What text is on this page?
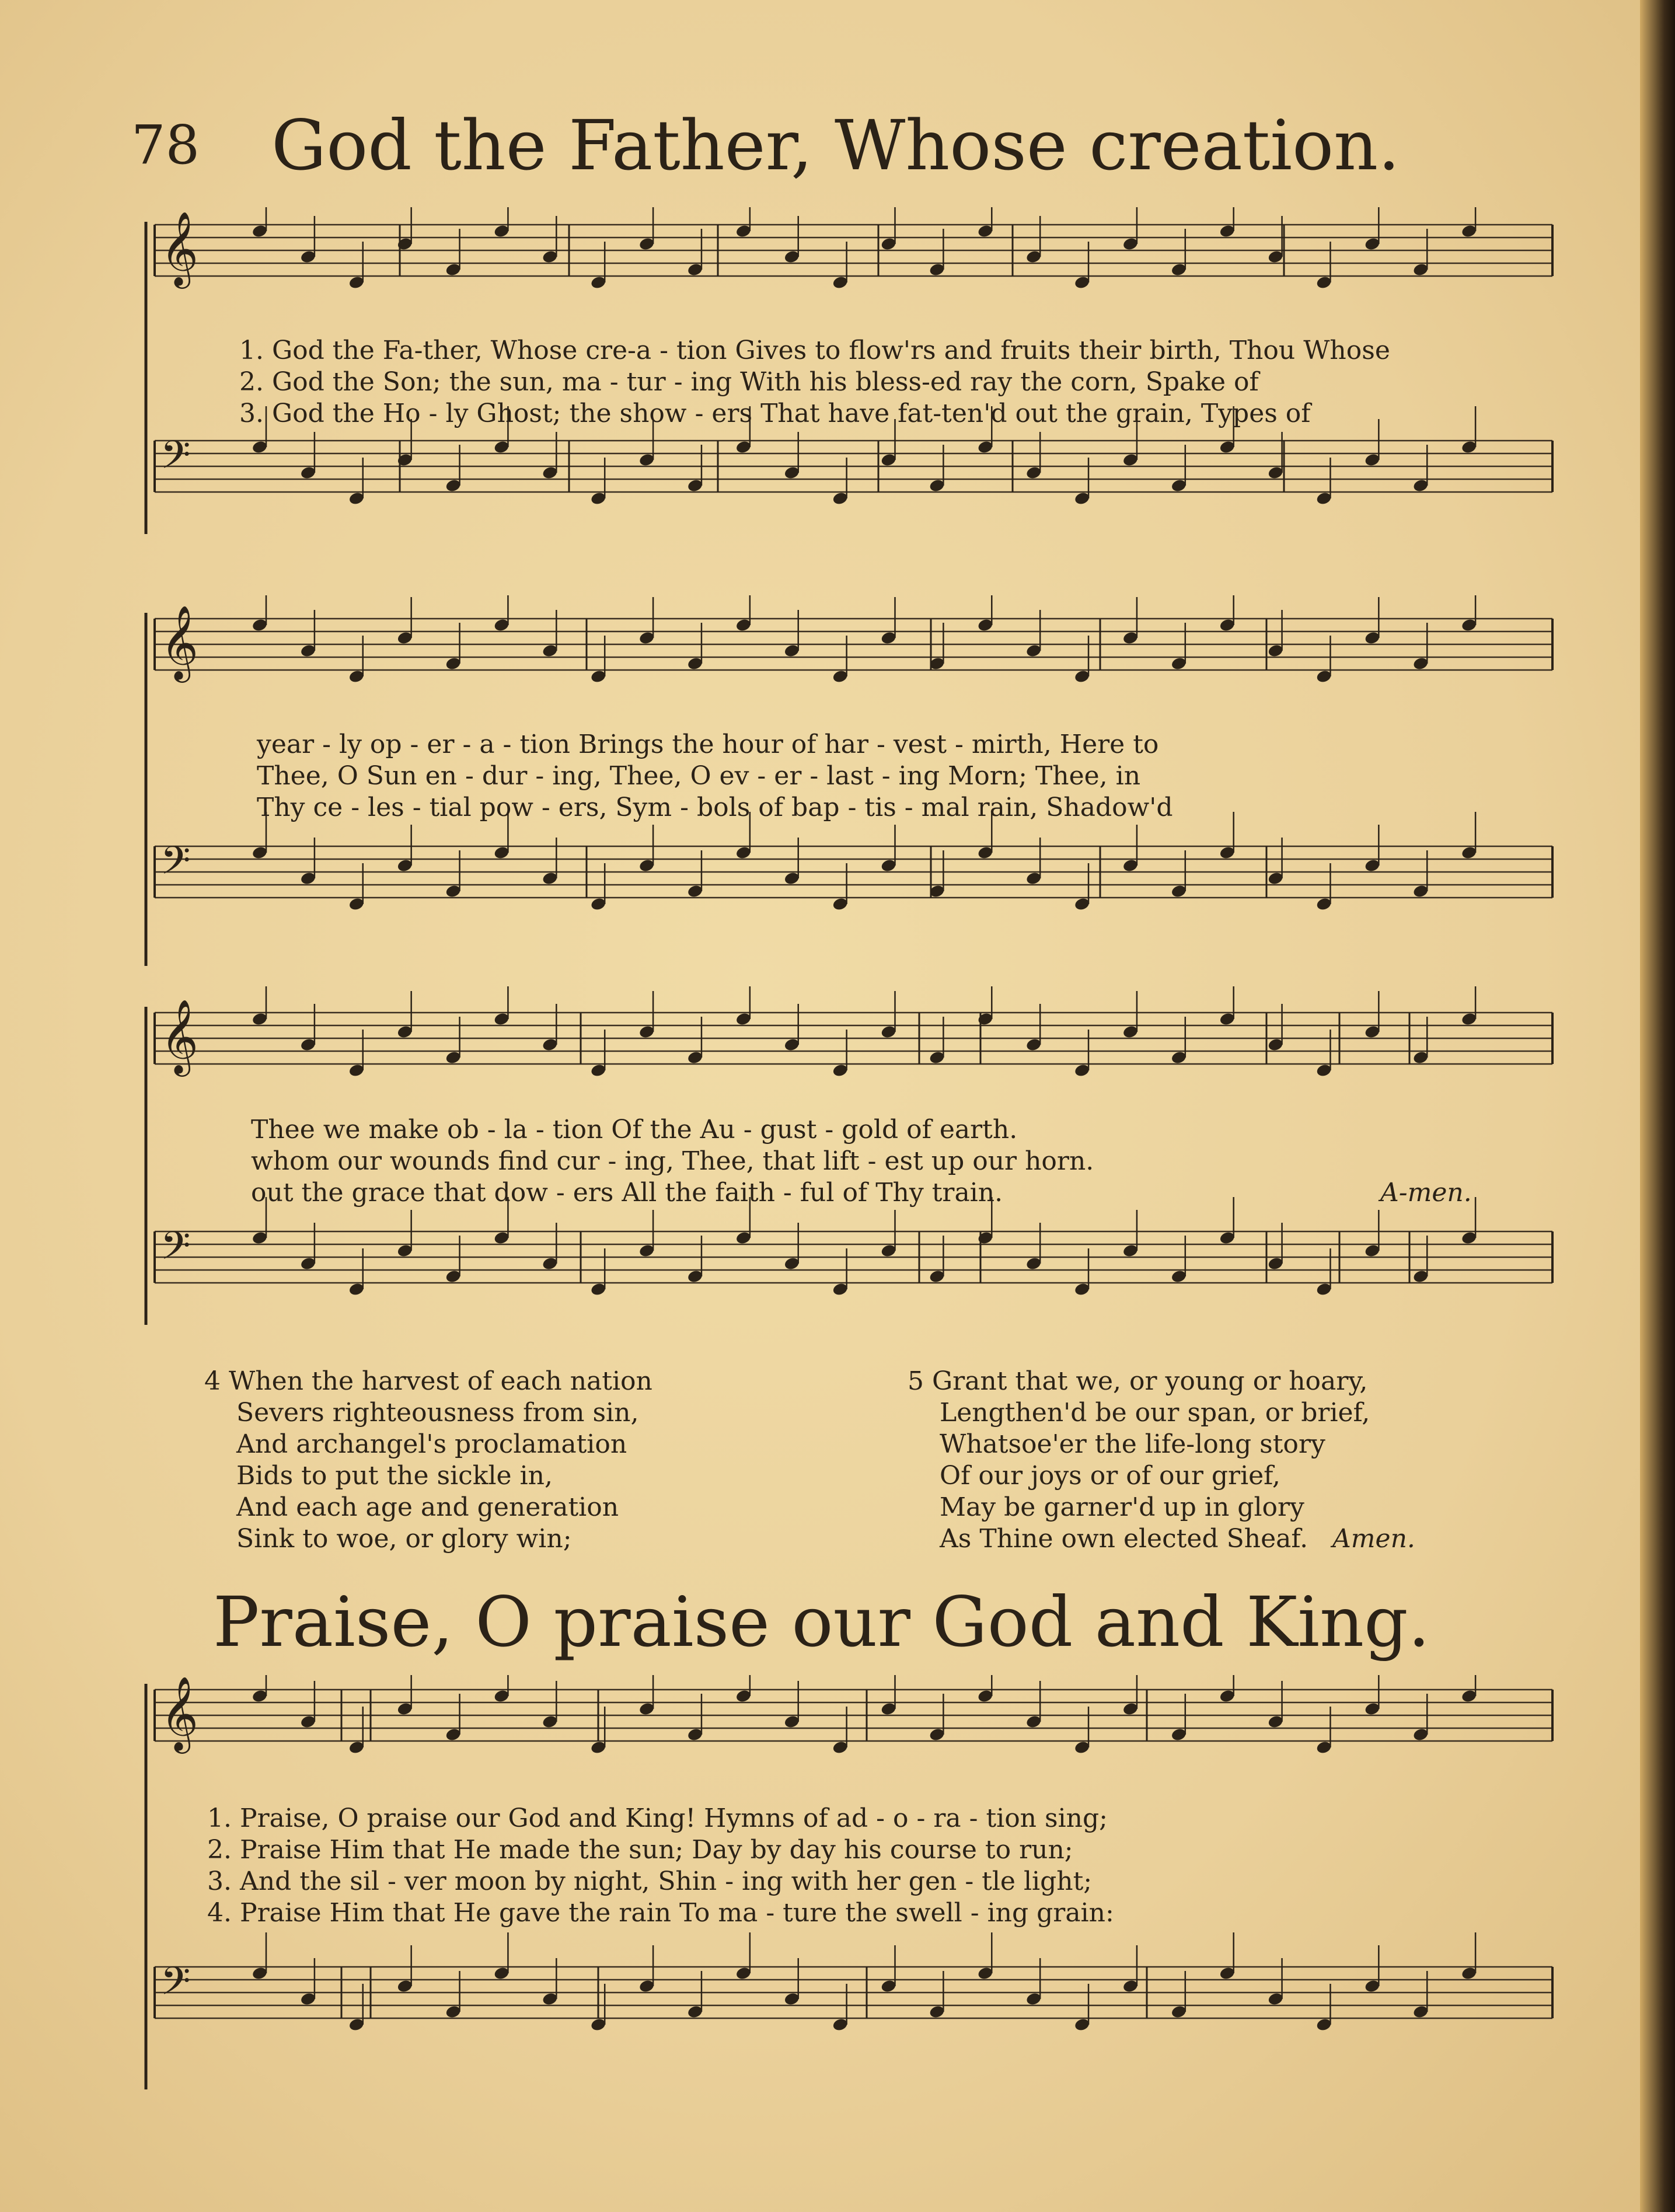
78 God the Father, Whose creation.
𝄞
𝄢
1. God the Fa-ther, Whose cre-a - tion Gives to flow'rs and fruits their birth, Thou Whose
2. God the Son; the sun, ma - tur - ing With his bless-ed ray the corn, Spake of
3. God the Ho - ly Ghost; the show - ers That have fat-ten'd out the grain, Types of
𝄞
𝄢
year - ly op - er - a - tion Brings the hour of har - vest - mirth, Here to
Thee, O Sun en - dur - ing, Thee, O ev - er - last - ing Morn; Thee, in
Thy ce - les - tial pow - ers, Sym - bols of bap - tis - mal rain, Shadow'd
𝄞
𝄢
Thee we make ob - la - tion Of the Au - gust - gold of earth.
whom our wounds find cur - ing, Thee, that lift - est up our horn.
out the grace that dow - ers All the faith - ful of Thy train.	A-men.
4 When the harvest of each nation
Severs righteousness from sin,
And archangel's proclamation
Bids to put the sickle in,
And each age and generation
Sink to woe, or glory win;
5 Grant that we, or young or hoary,
Lengthen'd be our span, or brief,
Whatsoe'er the life-long story
Of our joys or of our grief,
May be garner'd up in glory
As Thine own elected Sheaf. Amen.
Praise, O praise our God and King.
𝄞
𝄢
1. Praise, O praise our God and King! Hymns of ad - o - ra - tion sing;
2. Praise Him that He made the sun; Day by day his course to run;
3. And the sil - ver moon by night, Shin - ing with her gen - tle light;
4. Praise Him that He gave the rain To ma - ture the swell - ing grain:
